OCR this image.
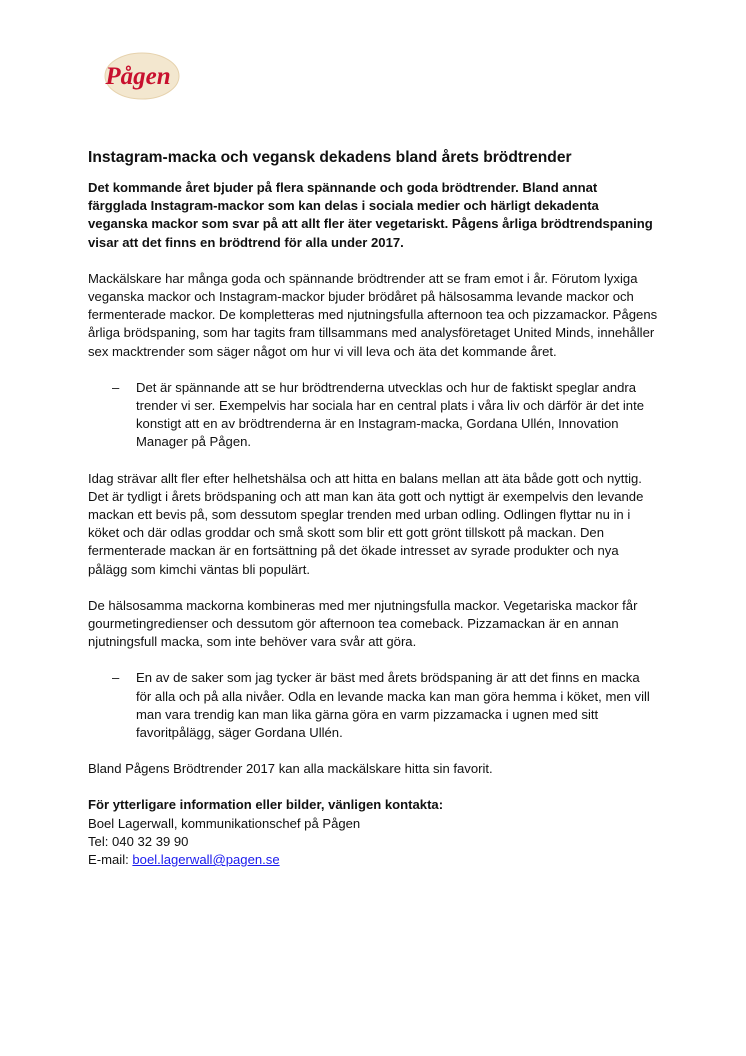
Pågen
Instagram-macka och vegansk dekadens bland årets brödtrender

Det kommande året bjuder på flera spännande och goda brödtrender. Bland annat färgglada Instagram-mackor som kan delas i sociala medier och härligt dekadenta veganska mackor som svar på att allt fler äter vegetariskt. Pågens årliga brödtrendspaning visar att det finns en brödtrend för alla under 2017.

Mackälskare har många goda och spännande brödtrender att se fram emot i år. Förutom lyxiga veganska mackor och Instagram-mackor bjuder brödåret på hälsosamma levande mackor och fermenterade mackor. De kompletteras med njutningsfulla afternoon tea och pizzamackor. Pågens årliga brödspaning, som har tagits fram tillsammans med analysföretaget United Minds, innehåller sex macktrender som säger något om hur vi vill leva och äta det kommande året.

– Det är spännande att se hur brödtrenderna utvecklas och hur de faktiskt speglar andra trender vi ser. Exempelvis har sociala har en central plats i våra liv och därför är det inte konstigt att en av brödtrenderna är en Instagram-macka, Gordana Ullén, Innovation Manager på Pågen.

Idag strävar allt fler efter helhetshälsa och att hitta en balans mellan att äta både gott och nyttig. Det är tydligt i årets brödspaning och att man kan äta gott och nyttigt är exempelvis den levande mackan ett bevis på, som dessutom speglar trenden med urban odling. Odlingen flyttar nu in i köket och där odlas groddar och små skott som blir ett gott grönt tillskott på mackan. Den fermenterade mackan är en fortsättning på det ökade intresset av syrade produkter och nya pålägg som kimchi väntas bli populärt.

De hälsosamma mackorna kombineras med mer njutningsfulla mackor. Vegetariska mackor får gourmetingredienser och dessutom gör afternoon tea comeback. Pizzamackan är en annan njutningsfull macka, som inte behöver vara svår att göra.

– En av de saker som jag tycker är bäst med årets brödspaning är att det finns en macka för alla och på alla nivåer. Odla en levande macka kan man göra hemma i köket, men vill man vara trendig kan man lika gärna göra en varm pizzamacka i ugnen med sitt favoritpålägg, säger Gordana Ullén.

Bland Pågens Brödtrender 2017 kan alla mackälskare hitta sin favorit.

För ytterligare information eller bilder, vänligen kontakta:

Boel Lagerwall, kommunikationschef på Pågen

Tel: 040 32 39 90

E-mail: boel.lagerwall@pagen.se
